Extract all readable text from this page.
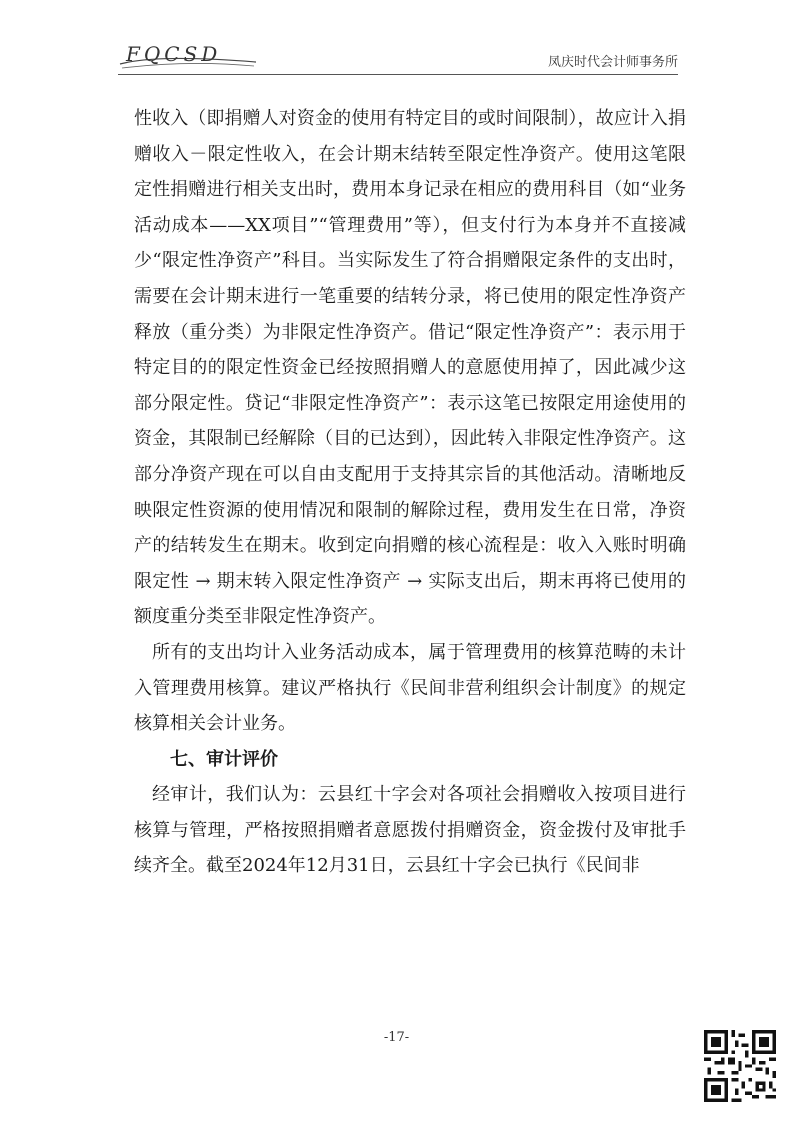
FQCSD	凤庆时代会计师事务所

性收入（即捐赠人对资金的使用有特定目的或时间限制），故应计入捐赠收入－限定性收入，在会计期末结转至限定性净资产。使用这笔限定性捐赠进行相关支出时，费用本身记录在相应的费用科目（如“业务活动成本——XX项目”“管理费用”等），但支付行为本身并不直接减少“限定性净资产”科目。当实际发生了符合捐赠限定条件的支出时，需要在会计期末进行一笔重要的结转分录，将已使用的限定性净资产释放（重分类）为非限定性净资产。借记“限定性净资产”：表示用于特定目的的限定性资金已经按照捐赠人的意愿使用掉了，因此减少这部分限定性。贷记“非限定性净资产”：表示这笔已按限定用途使用的资金，其限制已经解除（目的已达到），因此转入非限定性净资产。这部分净资产现在可以自由支配用于支持其宗旨的其他活动。清晰地反映限定性资源的使用情况和限制的解除过程，费用发生在日常，净资产的结转发生在期末。收到定向捐赠的核心流程是：收入入账时明确限定性 → 期末转入限定性净资产 → 实际支出后，期末再将已使用的额度重分类至非限定性净资产。

所有的支出均计入业务活动成本，属于管理费用的核算范畴的未计入管理费用核算。建议严格执行《民间非营利组织会计制度》的规定核算相关会计业务。

七、审计评价

经审计，我们认为：云县红十字会对各项社会捐赠收入按项目进行核算与管理，严格按照捐赠者意愿拨付捐赠资金，资金拨付及审批手续齐全。截至2024年12月31日，云县红十字会已执行《民间非

-17-
